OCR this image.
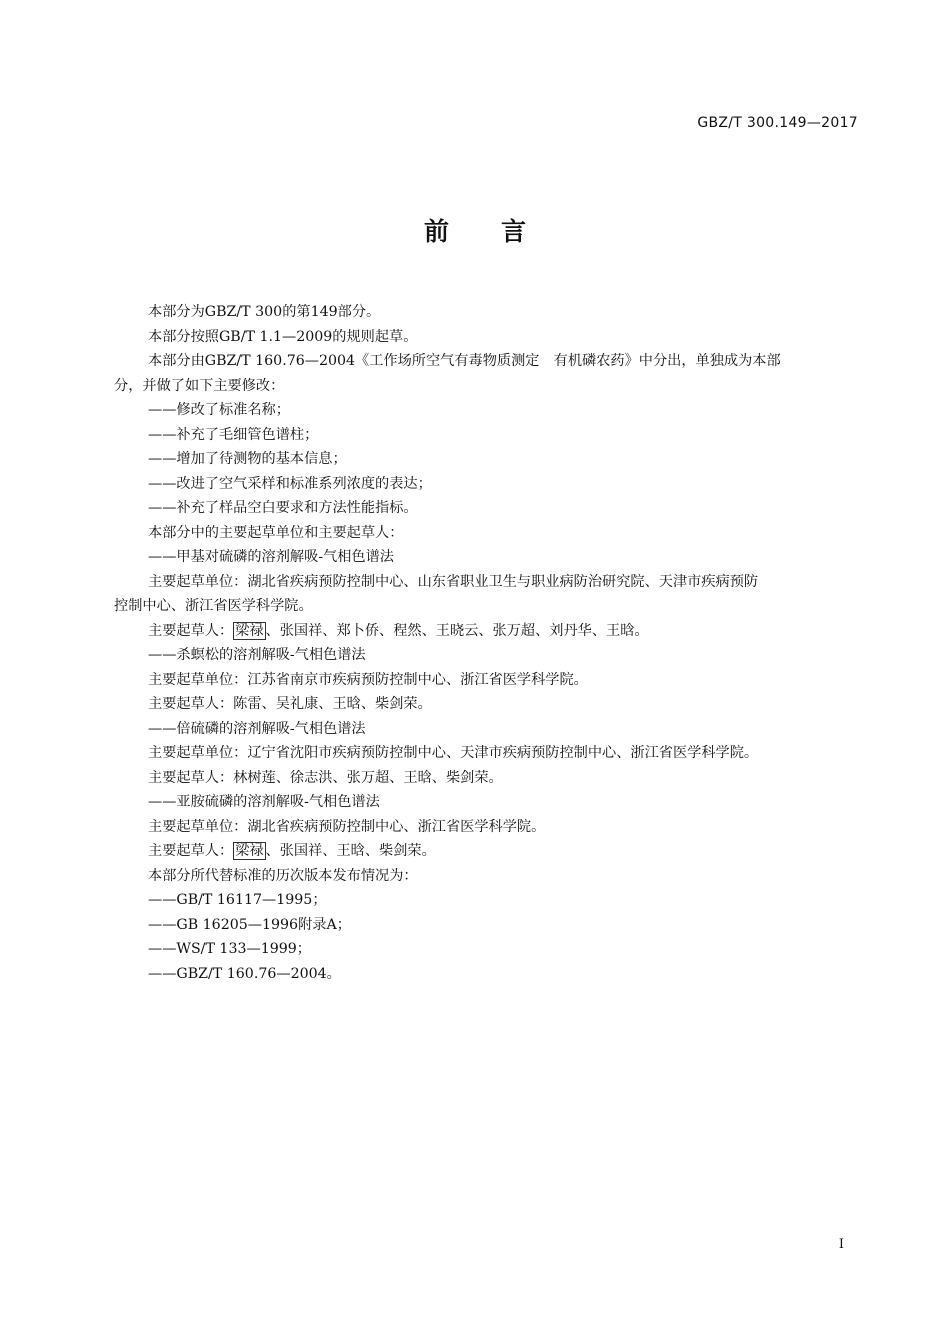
GBZ/T 300.149—2017
前 言

本部分为GBZ/T 300的第149部分。

本部分按照GB/T 1.1—2009的规则起草。

本部分由GBZ/T 160.76—2004《工作场所空气有毒物质测定　有机磷农药》中分出，单独成为本部

分，并做了如下主要修改：

——修改了标准名称；

——补充了毛细管色谱柱；

——增加了待测物的基本信息；

——改进了空气采样和标准系列浓度的表达；

——补充了样品空白要求和方法性能指标。

本部分中的主要起草单位和主要起草人：

——甲基对硫磷的溶剂解吸-气相色谱法

主要起草单位：湖北省疾病预防控制中心、山东省职业卫生与职业病防治研究院、天津市疾病预防

控制中心、浙江省医学科学院。

主要起草人： 梁禄 、张国祥、郑卜侨、程然、王晓云、张万超、刘丹华、王晗。

——杀螟松的溶剂解吸-气相色谱法

主要起草单位：江苏省南京市疾病预防控制中心、浙江省医学科学院。

主要起草人：陈雷、吴礼康、王晗、柴剑荣。

——倍硫磷的溶剂解吸-气相色谱法

主要起草单位：辽宁省沈阳市疾病预防控制中心、天津市疾病预防控制中心、浙江省医学科学院。

主要起草人：林树莲、徐志洪、张万超、王晗、柴剑荣。

——亚胺硫磷的溶剂解吸-气相色谱法

主要起草单位：湖北省疾病预防控制中心、浙江省医学科学院。

主要起草人： 梁禄 、张国祥、王晗、柴剑荣。

本部分所代替标准的历次版本发布情况为：

——GB/T 16117—1995；

——GB 16205—1996附录A；

——WS/T 133—1999；

——GBZ/T 160.76—2004。

I
